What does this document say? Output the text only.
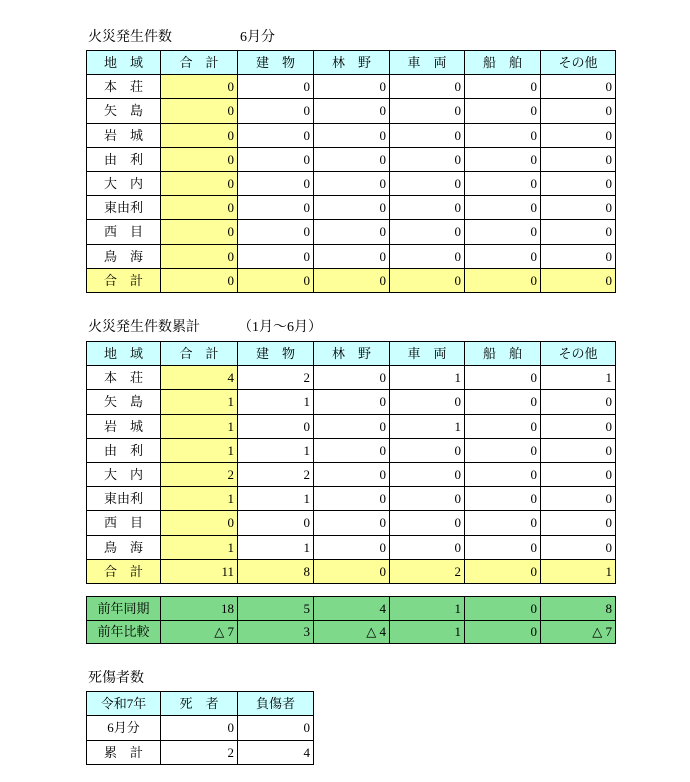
火災発生件数	6月分
火災発生件数累計	（1月～6月）
死傷者数
地　域	合　計	建　物	林　野	車　両	船　舶	その他
本　荘	0	0	0	0	0	0
矢　島	0	0	0	0	0	0
岩　城	0	0	0	0	0	0
由　利	0	0	0	0	0	0
大　内	0	0	0	0	0	0
東由利	0	0	0	0	0	0
西　目	0	0	0	0	0	0
鳥　海	0	0	0	0	0	0
合　計	0	0	0	0	0	0
地　域	合　計	建　物	林　野	車　両	船　舶	その他
本　荘	4	2	0	1	0	1
矢　島	1	1	0	0	0	0
岩　城	1	0	0	1	0	0
由　利	1	1	0	0	0	0
大　内	2	2	0	0	0	0
東由利	1	1	0	0	0	0
西　目	0	0	0	0	0	0
鳥　海	1	1	0	0	0	0
合　計	11	8	0	2	0	1
前年同期	18	5	4	1	0	8
前年比較	△ 7	3	△ 4	1	0	△ 7
令和7年	死　者	負傷者
6月分	0	0
累　計	2	4
